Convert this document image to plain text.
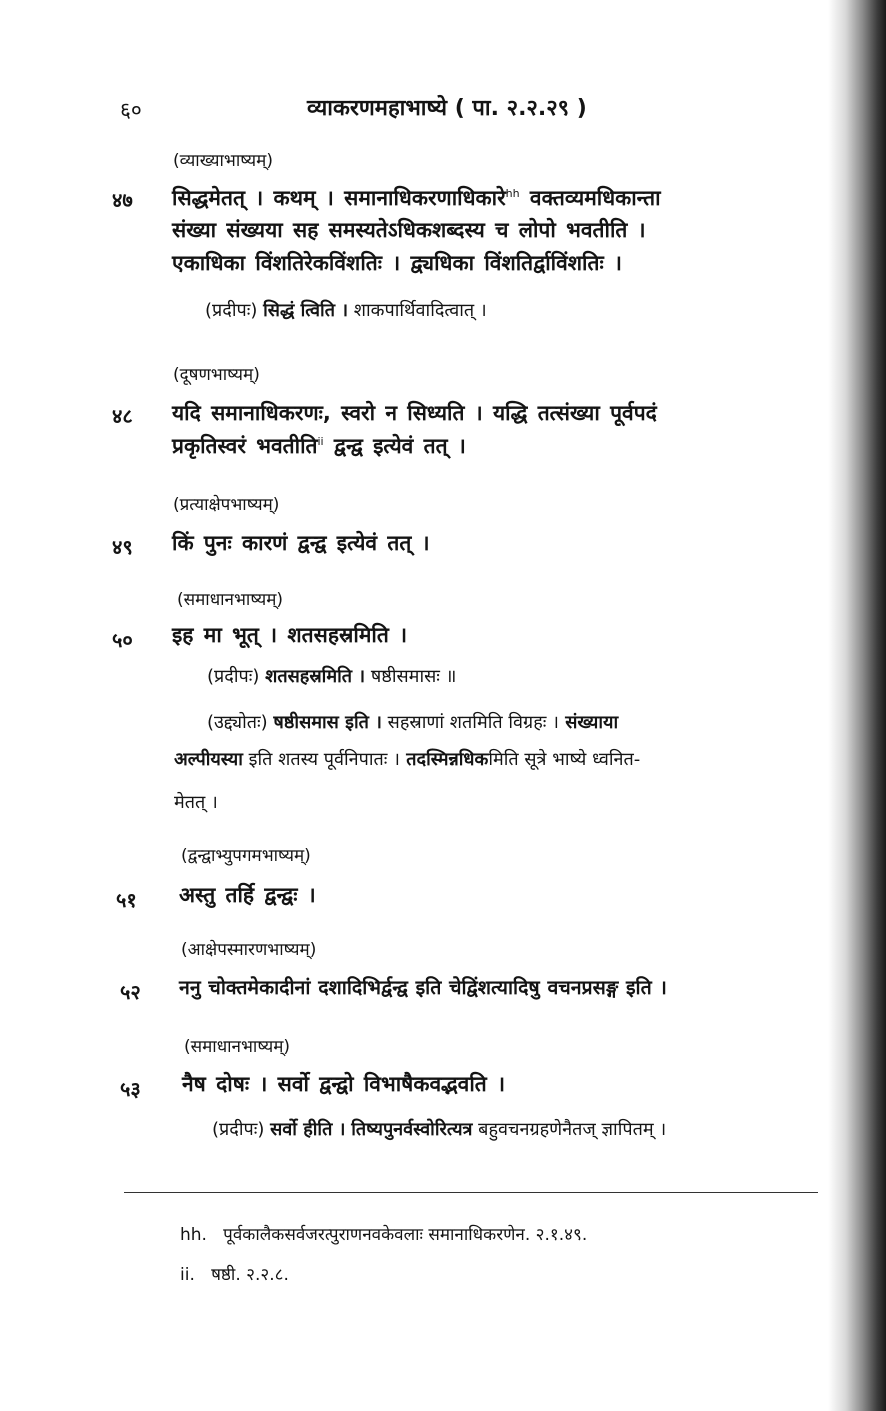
६०	व्याकरणमहाभाष्ये ( पा. २.२.२९ )
(व्याख्याभाष्यम्)
४७ सिद्धमेतत् । कथम् । समानाधिकरणाधिकारे$^{hh}$ वक्तव्यमधिकान्ता
संख्या संख्यया सह समस्यतेऽधिकशब्दस्य च लोपो भवतीति ।
एकाधिका विंशतिरेकविंशतिः । द्व्यधिका विंशतिर्द्वाविंशतिः ।
(प्रदीपः) सिद्धं त्विति । शाकपार्थिवादित्वात् ।
(दूषणभाष्यम्)
४८ यदि समानाधिकरणः, स्वरो न सिध्यति । यद्धि तत्संख्या पूर्वपदं
प्रकृतिस्वरं भवतीति$^{ii}$ द्वन्द्व इत्येवं तत् ।
(प्रत्याक्षेपभाष्यम्)
४९ किं पुनः कारणं द्वन्द्व इत्येवं तत् ।
(समाधानभाष्यम्)
५० इह मा भूत् । शतसहस्रमिति ।
(प्रदीपः) शतसहस्रमिति । षष्ठीसमासः ॥
(उद्द्योतः) षष्ठीसमास इति । सहस्राणां शतमिति विग्रहः । संख्याया
अल्पीयस्या इति शतस्य पूर्वनिपातः । तदस्मिन्नधिकमिति सूत्रे भाष्ये ध्वनित-
मेतत् ।
(द्वन्द्वाभ्युपगमभाष्यम्)
५१ अस्तु तर्हि द्वन्द्वः ।
(आक्षेपस्मारणभाष्यम्)
५२ ननु चोक्तमेकादीनां दशादिभिर्द्वन्द्व इति चेद्विंशत्यादिषु वचनप्रसङ्ग इति ।
(समाधानभाष्यम्)
५३ नैष दोषः । सर्वो द्वन्द्वो विभाषैकवद्भवति ।
(प्रदीपः) सर्वो हीति । तिष्यपुनर्वस्वोरित्यत्र बहुवचनग्रहणेनैतज् ज्ञापितम् ।
hh. पूर्वकालैकसर्वजरत्पुराणनवकेवलाः समानाधिकरणेन. २.१.४९.
ii. षष्ठी. २.२.८.
